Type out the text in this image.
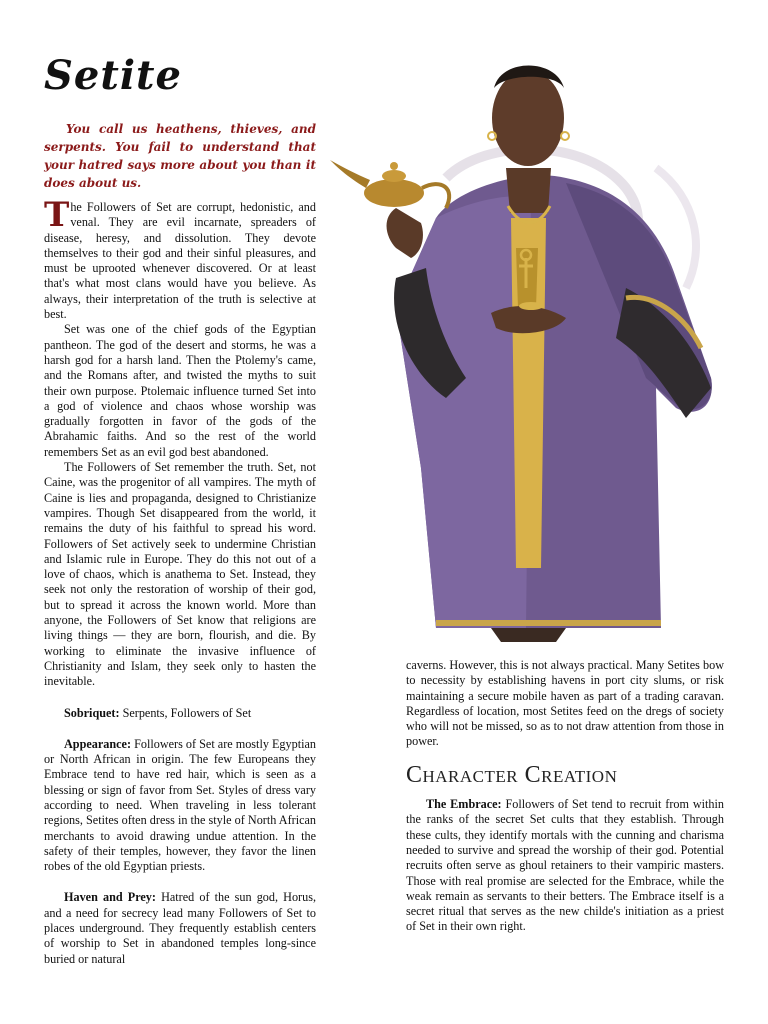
Setite
You call us heathens, thieves, and serpents. You fail to understand that your hatred says more about you than it does about us.

The Followers of Set are corrupt, hedonistic, and venal. They are evil incarnate, spreaders of disease, heresy, and dissolution. They devote themselves to their god and their sinful pleasures, and must be uprooted whenever discovered. Or at least that's what most clans would have you believe. As always, their interpretation of the truth is selective at best.

Set was one of the chief gods of the Egyptian pantheon. The god of the desert and storms, he was a harsh god for a harsh land. Then the Ptolemy's came, and the Romans after, and twisted the myths to suit their own purpose. Ptolemaic influence turned Set into a god of violence and chaos whose worship was gradually forgotten in favor of the gods of the Abrahamic faiths. And so the rest of the world remembers Set as an evil god best abandoned.

The Followers of Set remember the truth. Set, not Caine, was the progenitor of all vampires. The myth of Caine is lies and propaganda, designed to Christianize vampires. Though Set disappeared from the world, it remains the duty of his faithful to spread his word. Followers of Set actively seek to undermine Christian and Islamic rule in Europe. They do this not out of a love of chaos, which is anathema to Set. Instead, they seek not only the restoration of worship of their god, but to spread it across the known world. More than anyone, the Followers of Set know that religions are living things — they are born, flourish, and die. By working to eliminate the invasive influence of Christianity and Islam, they seek only to hasten the inevitable.

Sobriquet: Serpents, Followers of Set

Appearance: Followers of Set are mostly Egyptian or North African in origin. The few Europeans they Embrace tend to have red hair, which is seen as a blessing or sign of favor from Set. Styles of dress vary according to need. When traveling in less tolerant regions, Setites often dress in the style of North African merchants to avoid drawing undue attention. In the safety of their temples, however, they favor the linen robes of the old Egyptian priests.

Haven and Prey: Hatred of the sun god, Horus, and a need for secrecy lead many Followers of Set to places underground. They frequently establish centers of worship to Set in abandoned temples long-since buried or natural

caverns. However, this is not always practical. Many Setites bow to necessity by establishing havens in port city slums, or risk maintaining a secure mobile haven as part of a trading caravan. Regardless of location, most Setites feed on the dregs of society who will not be missed, so as to not draw attention from those in power.

Character Creation

The Embrace: Followers of Set tend to recruit from within the ranks of the secret Set cults that they establish. Through these cults, they identify mortals with the cunning and charisma needed to survive and spread the worship of their god. Potential recruits often serve as ghoul retainers to their vampiric masters. Those with real promise are selected for the Embrace, while the weak remain as servants to their betters. The Embrace itself is a secret ritual that serves as the new childe's initiation as a priest of Set in their own right.
